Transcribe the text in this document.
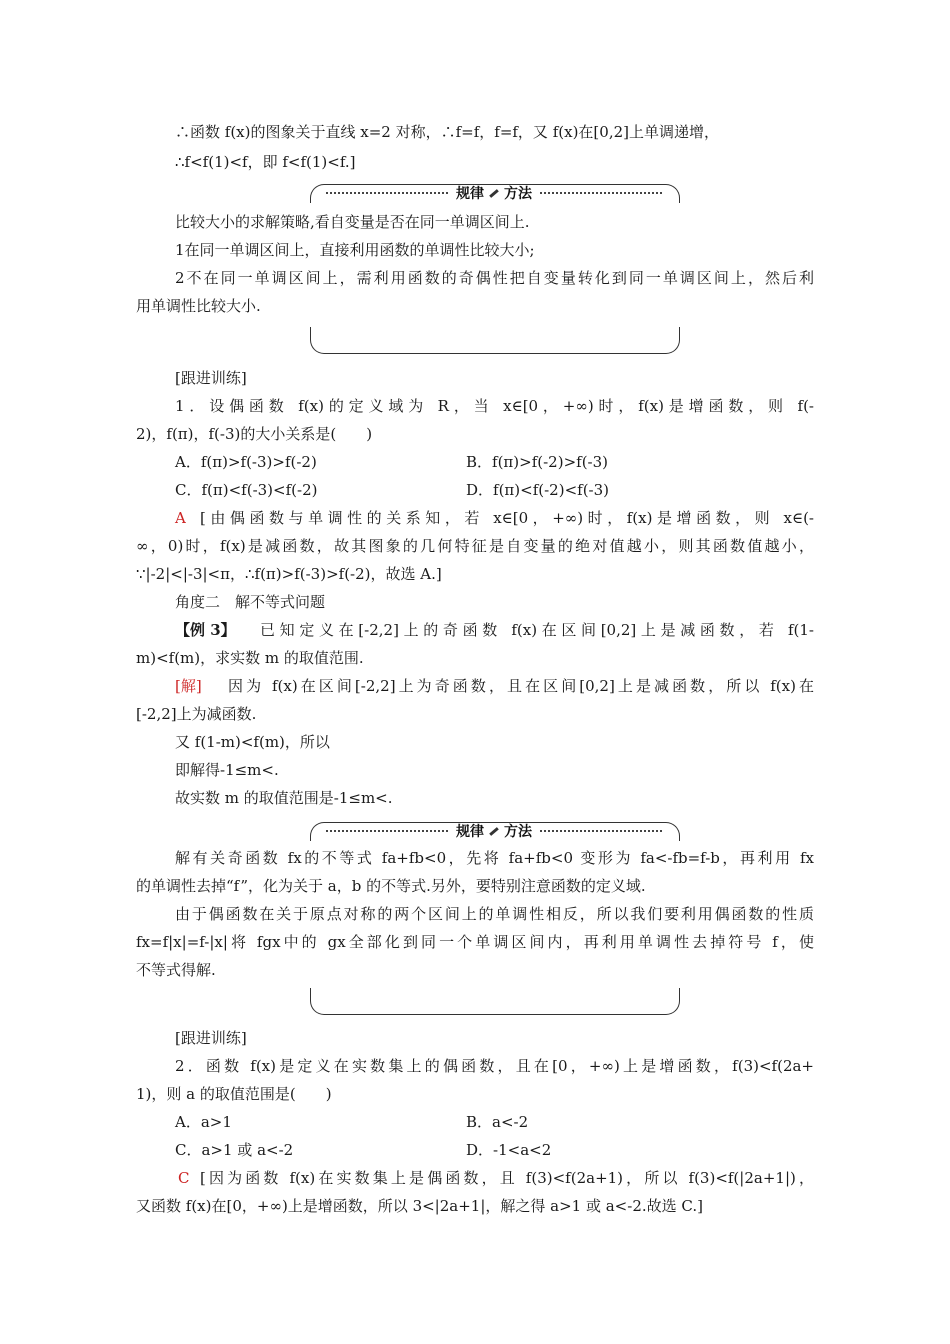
∴函数 f(x)的图象关于直线 x=2 对称，∴f=f，f=f，又 f(x)在[0,2]上单调递增，
∴f<f(1)<f，即 f<f(1)<f.]
规律 方法
比较大小的求解策略,看自变量是否在同一单调区间上.
1在同一单调区间上，直接利用函数的单调性比较大小;
2不在同一单调区间上，需利用函数的奇偶性把自变量转化到同一单调区间上，然后利
用单调性比较大小.
[跟进训练]
1．设偶函数 f(x)的定义域为 R，当 x∈[0，+∞)时，f(x)是增函数，则 f(-
2)，f(π)，f(-3)的大小关系是(　　)
A．f(π)>f(-3)>f(-2)	B．f(π)>f(-2)>f(-3)
C．f(π)<f(-3)<f(-2)	D．f(π)<f(-2)<f(-3)
A [由偶函数与单调性的关系知，若 x∈[0，+∞)时，f(x)是增函数，则 x∈(-
∞，0)时，f(x)是减函数，故其图象的几何特征是自变量的绝对值越小，则其函数值越小，
∵|-2|<|-3|<π，∴f(π)>f(-3)>f(-2)，故选 A.]
角度二　解不等式问题
【例 3】 已知定义在[-2,2]上的奇函数 f(x)在区间[0,2]上是减函数，若 f(1-
m)<f(m)，求实数 m 的取值范围.
[解] 因为 f(x)在区间[-2,2]上为奇函数，且在区间[0,2]上是减函数，所以 f(x)在
[-2,2]上为减函数.
又 f(1-m)<f(m)，所以
即解得-1≤m<.
故实数 m 的取值范围是-1≤m<.
规律 方法
解有关奇函数 fx的不等式 fa+fb<0，先将 fa+fb<0 变形为 fa<-fb=f-b，再利用 fx
的单调性去掉“f”，化为关于 a，b 的不等式.另外，要特别注意函数的定义域.
由于偶函数在关于原点对称的两个区间上的单调性相反，所以我们要利用偶函数的性质
fx=f|x|=f-|x|将 fgx中的 gx全部化到同一个单调区间内，再利用单调性去掉符号 f，使
不等式得解.
[跟进训练]
2．函数 f(x)是定义在实数集上的偶函数，且在[0，+∞)上是增函数，f(3)<f(2a+
1)，则 a 的取值范围是(　　)
A．a>1	B．a<-2
C．a>1 或 a<-2	D．-1<a<2
C [因为函数 f(x)在实数集上是偶函数，且 f(3)<f(2a+1)，所以 f(3)<f(|2a+1|)，
又函数 f(x)在[0，+∞)上是增函数，所以 3<|2a+1|，解之得 a>1 或 a<-2.故选 C.]
